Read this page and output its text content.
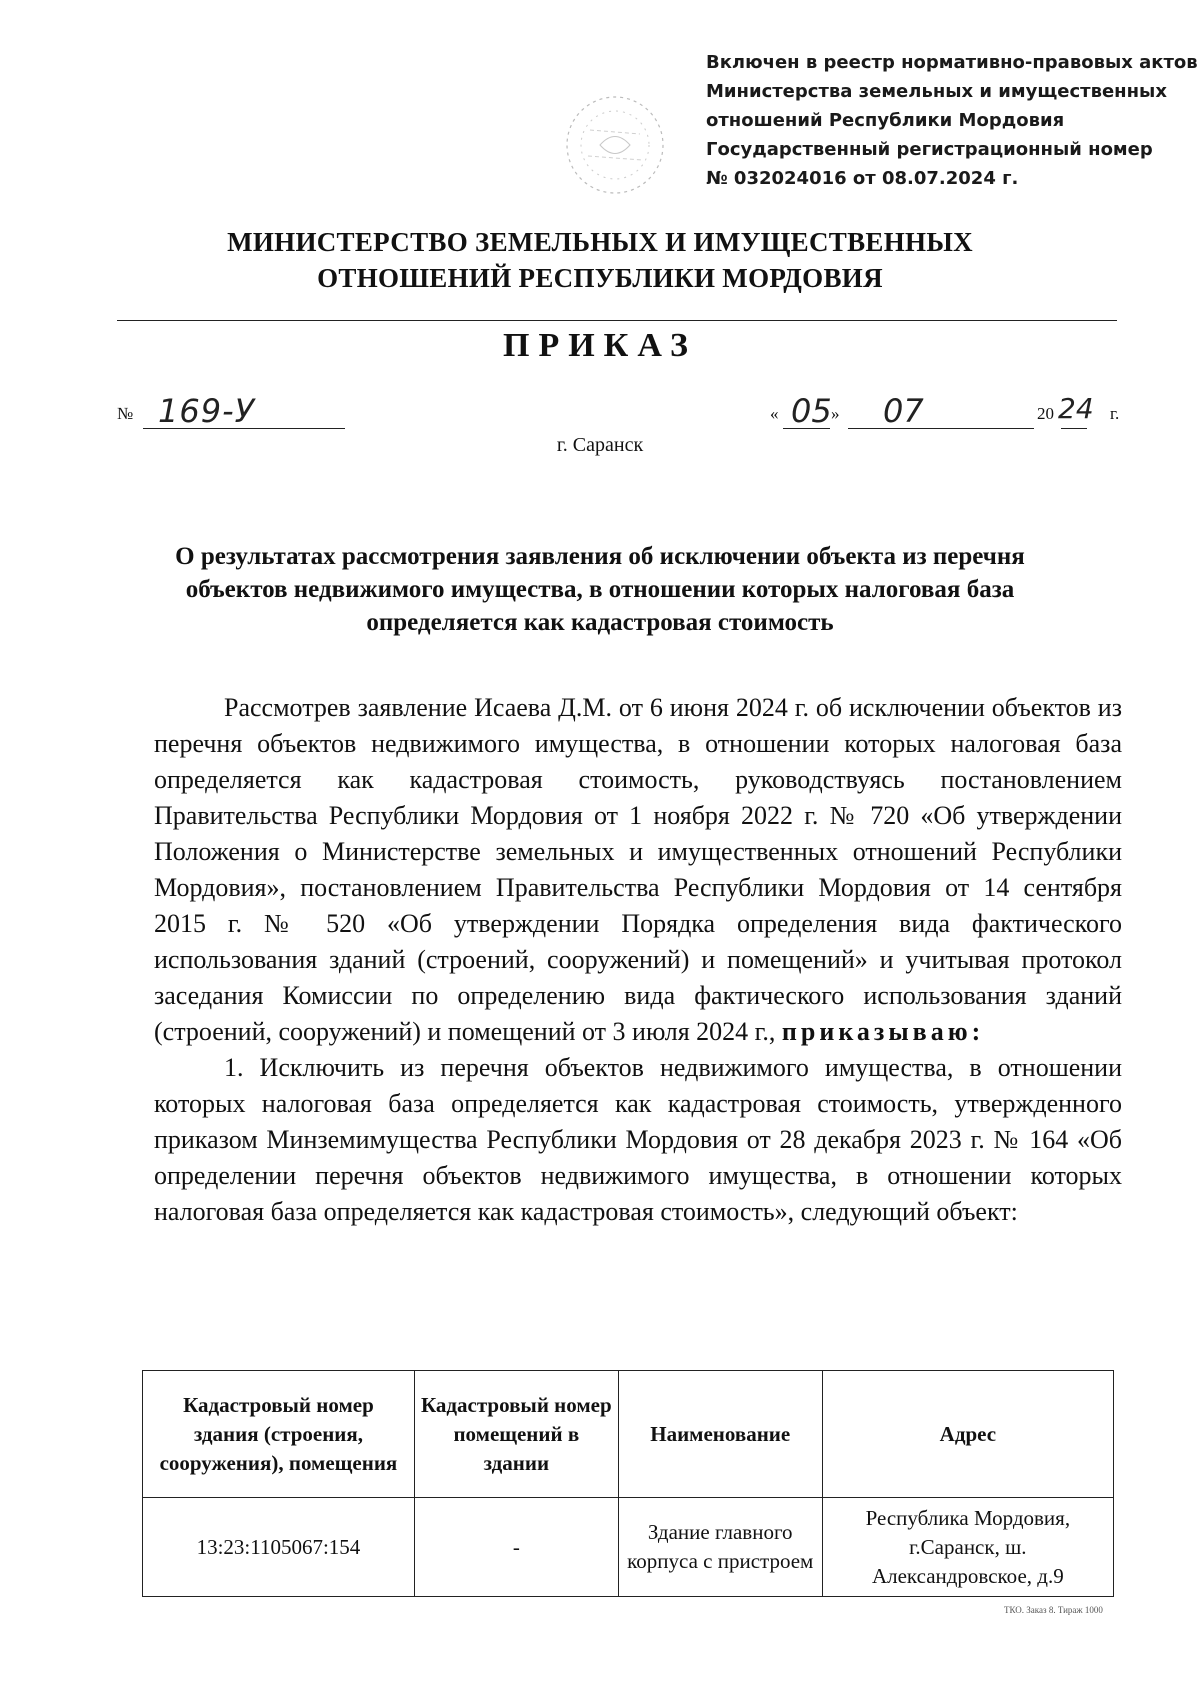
Включен в реестр нормативно-правовых актов
Министерства земельных и имущественных
отношений Республики Мордовия
Государственный регистрационный номер
№ 032024016 от 08.07.2024 г.
МИНИСТЕРСТВО ЗЕМЕЛЬНЫХ И ИМУЩЕСТВЕННЫХ
ОТНОШЕНИЙ РЕСПУБЛИКИ МОРДОВИЯ
ПРИКАЗ
№ 169-У	« 05 » 07	20 24 г.
г. Саранск
О результатах рассмотрения заявления об исключении объекта из перечня
объектов недвижимого имущества, в отношении которых налоговая база
определяется как кадастровая стоимость

Рассмотрев заявление Исаева Д.М. от 6 июня 2024 г. об исключении объектов из перечня объектов недвижимого имущества, в отношении которых налоговая база определяется как кадастровая стоимость, руководствуясь постановлением Правительства Республики Мордовия от 1 ноября 2022 г. № 720 «Об утверждении Положения о Министерстве земельных и имущественных отношений Республики Мордовия», постановлением Правительства Республики Мордовия от 14 сентября 2015 г. № 520 «Об утверждении Порядка определения вида фактического использования зданий (строений, сооружений) и помещений» и учитывая протокол заседания Комиссии по определению вида фактического использования зданий (строений, сооружений) и помещений от 3 июля 2024 г., приказываю:

1. Исключить из перечня объектов недвижимого имущества, в отношении которых налоговая база определяется как кадастровая стоимость, утвержденного приказом Минземимущества Республики Мордовия от 28 декабря 2023 г. № 164 «Об определении перечня объектов недвижимого имущества, в отношении которых налоговая база определяется как кадастровая стоимость», следующий объект:

Кадастровый номер здания (строения, сооружения), помещения	Кадастровый номер помещений в здании	Наименование	Адрес
13:23:1105067:154	-	Здание главного корпуса с пристроем	Республика Мордовия, г.Саранск, ш. Александровское, д.9
ТКО. Заказ 8. Тираж 1000
